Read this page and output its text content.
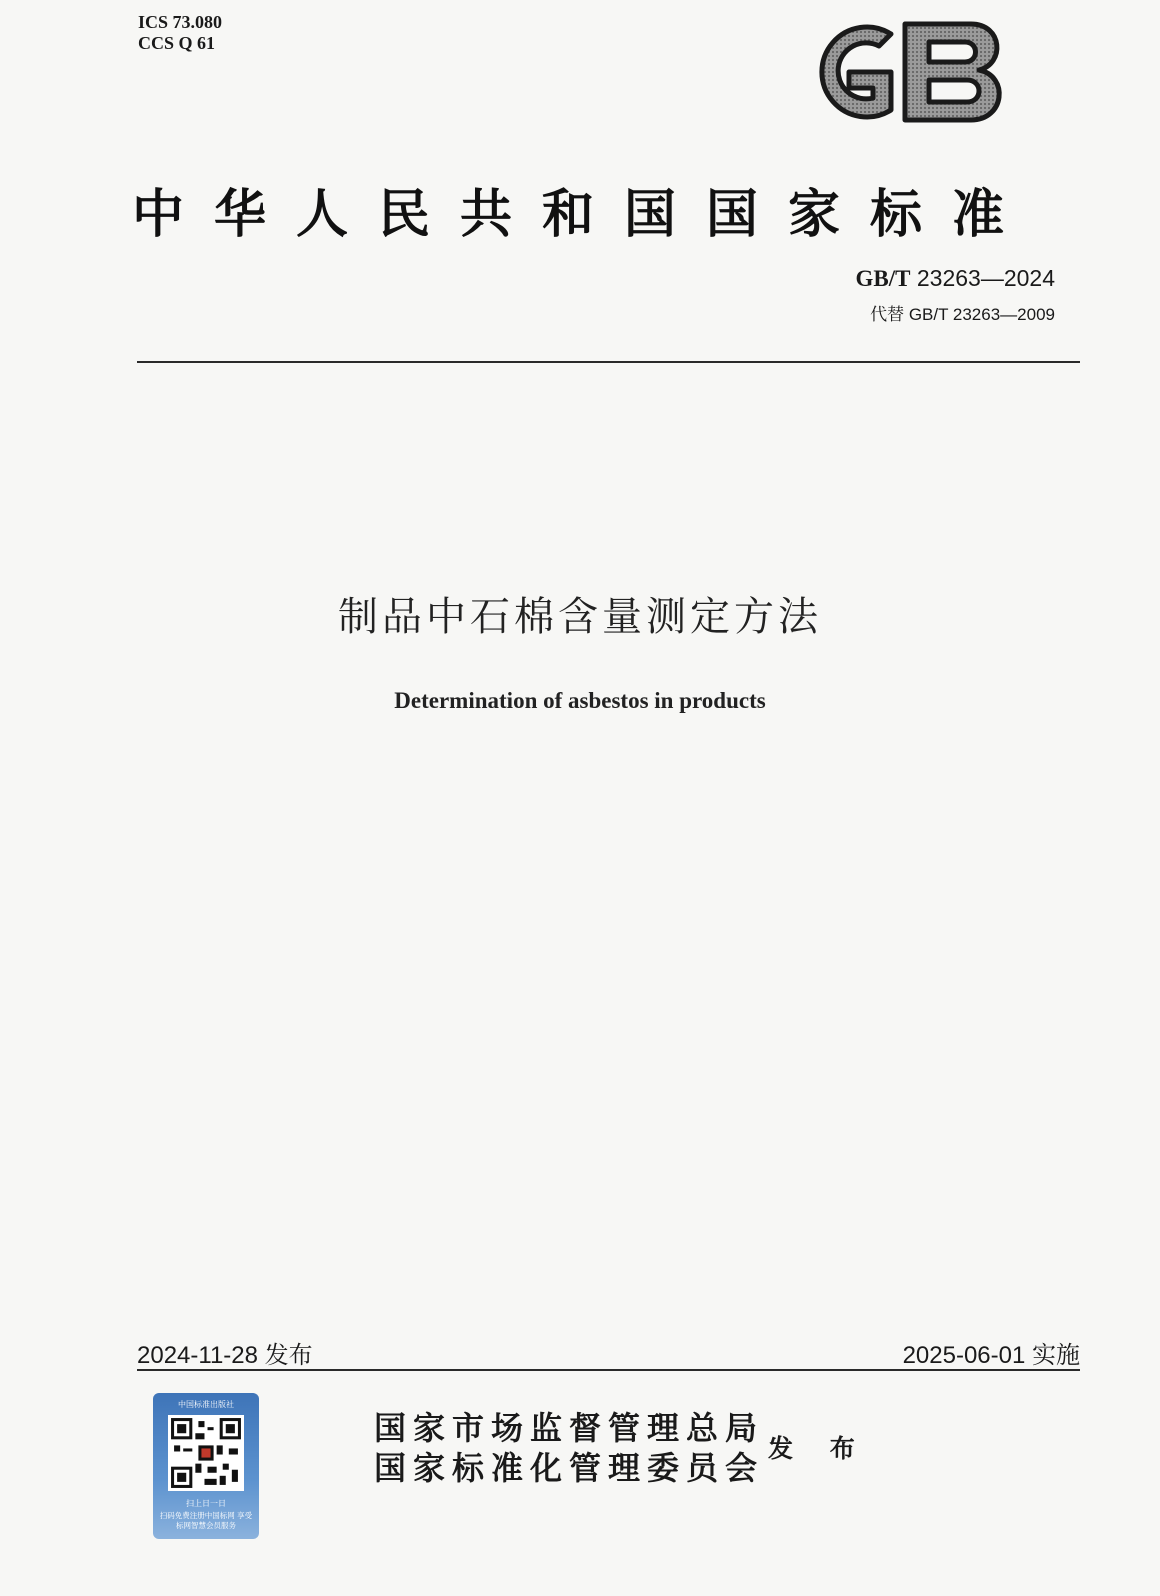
ICS 73.080
CCS Q 61
中华人民共和国国家标准
GB/T 23263—2024
代替 GB/T 23263—2009
制品中石棉含量测定方法
Determination of asbestos in products
2024-11-28 发布	2025-06-01 实施
中国标准出版社
扫上日一日
扫码免费注册中国标网 享受标网智慧会员服务
国家市场监督管理总局
国家标准化管理委员会
发 布
